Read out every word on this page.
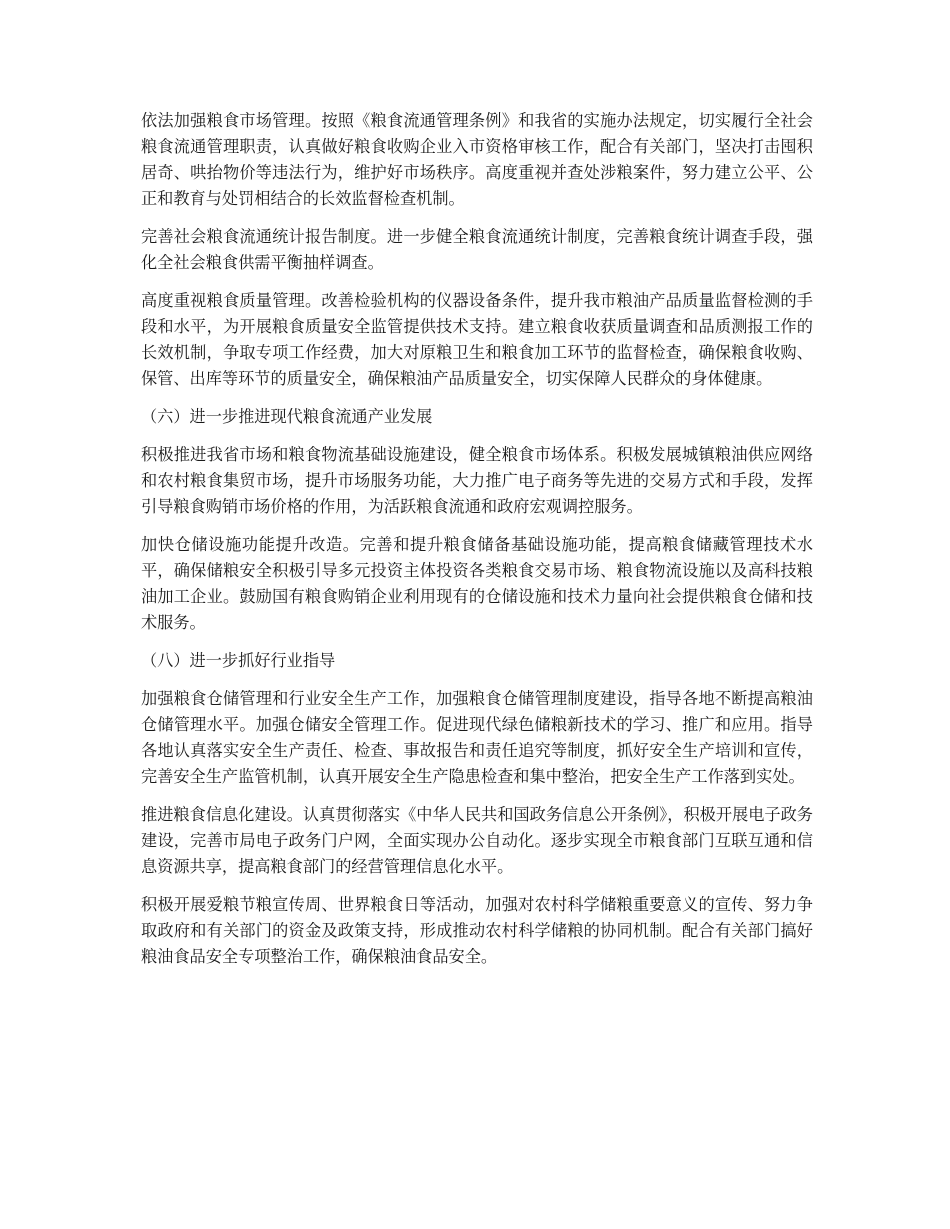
依法加强粮食市场管理。按照《粮食流通管理条例》和我省的实施办法规定，切实履行全社会粮食流通管理职责，认真做好粮食收购企业入市资格审核工作，配合有关部门，坚决打击囤积居奇、哄抬物价等违法行为，维护好市场秩序。高度重视并查处涉粮案件，努力建立公平、公正和教育与处罚相结合的长效监督检查机制。

完善社会粮食流通统计报告制度。进一步健全粮食流通统计制度，完善粮食统计调查手段，强化全社会粮食供需平衡抽样调查。

高度重视粮食质量管理。改善检验机构的仪器设备条件，提升我市粮油产品质量监督检测的手段和水平，为开展粮食质量安全监管提供技术支持。建立粮食收获质量调查和品质测报工作的长效机制，争取专项工作经费，加大对原粮卫生和粮食加工环节的监督检查，确保粮食收购、保管、出库等环节的质量安全，确保粮油产品质量安全，切实保障人民群众的身体健康。

（六）进一步推进现代粮食流通产业发展

积极推进我省市场和粮食物流基础设施建设，健全粮食市场体系。积极发展城镇粮油供应网络和农村粮食集贸市场，提升市场服务功能，大力推广电子商务等先进的交易方式和手段，发挥引导粮食购销市场价格的作用，为活跃粮食流通和政府宏观调控服务。

加快仓储设施功能提升改造。完善和提升粮食储备基础设施功能，提高粮食储藏管理技术水平，确保储粮安全积极引导多元投资主体投资各类粮食交易市场、粮食物流设施以及高科技粮油加工企业。鼓励国有粮食购销企业利用现有的仓储设施和技术力量向社会提供粮食仓储和技术服务。

（八）进一步抓好行业指导

加强粮食仓储管理和行业安全生产工作，加强粮食仓储管理制度建设，指导各地不断提高粮油仓储管理水平。加强仓储安全管理工作。促进现代绿色储粮新技术的学习、推广和应用。指导各地认真落实安全生产责任、检查、事故报告和责任追究等制度，抓好安全生产培训和宣传，完善安全生产监管机制，认真开展安全生产隐患检查和集中整治，把安全生产工作落到实处。

推进粮食信息化建设。认真贯彻落实《中华人民共和国政务信息公开条例》，积极开展电子政务建设，完善市局电子政务门户网，全面实现办公自动化。逐步实现全市粮食部门互联互通和信息资源共享，提高粮食部门的经营管理信息化水平。

积极开展爱粮节粮宣传周、世界粮食日等活动，加强对农村科学储粮重要意义的宣传、努力争取政府和有关部门的资金及政策支持，形成推动农村科学储粮的协同机制。配合有关部门搞好粮油食品安全专项整治工作，确保粮油食品安全。
